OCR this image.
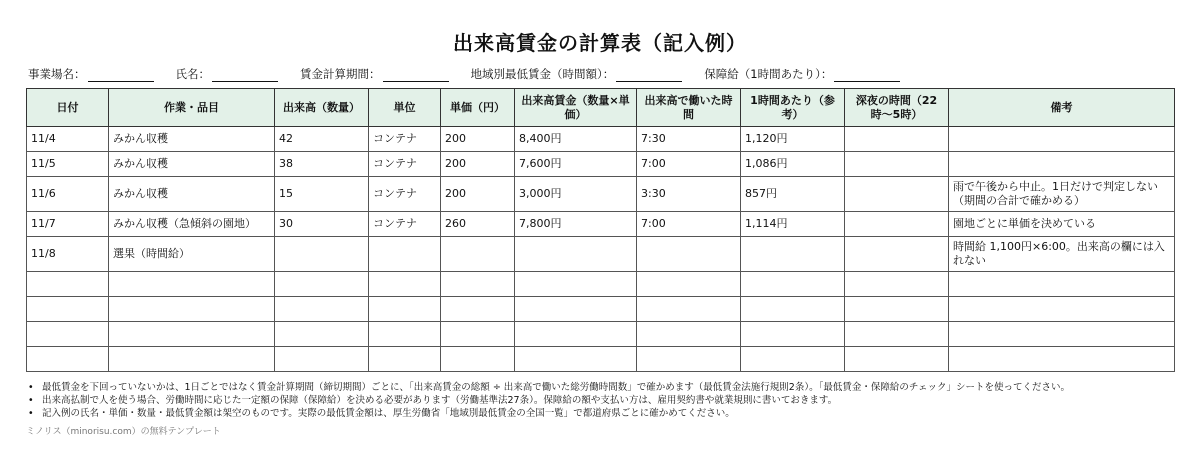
出来高賃金の計算表（記入例）
事業場名：	氏名：	賃金計算期間：	地域別最低賃金（時間額）：	保障給（1時間あたり）：
日付	作業・品目	出来高（数量）	単位	単価（円）	出来高賃金（数量×単価）	出来高で働いた時間	1時間あたり（参考）	深夜の時間（22時〜5時）	備考
11/4	みかん収穫	42	コンテナ	200	8,400円	7:30	1,120円		
11/5	みかん収穫	38	コンテナ	200	7,600円	7:00	1,086円		
11/6	みかん収穫	15	コンテナ	200	3,000円	3:30	857円		雨で午後から中止。1日だけで判定しない（期間の合計で確かめる）
11/7	みかん収穫（急傾斜の園地）	30	コンテナ	260	7,800円	7:00	1,114円		園地ごとに単価を決めている
11/8	選果（時間給）								時間給 1,100円×6:00。出来高の欄には入れない

• 最低賃金を下回っていないかは、1日ごとではなく賃金計算期間（締切期間）ごとに、「出来高賃金の総額 ÷ 出来高で働いた総労働時間数」で確かめます（最低賃金法施行規則2条）。「最低賃金・保障給のチェック」シートを使ってください。
• 出来高払制で人を使う場合、労働時間に応じた一定額の保障（保障給）を決める必要があります（労働基準法27条）。保障給の額や支払い方は、雇用契約書や就業規則に書いておきます。
• 記入例の氏名・単価・数量・最低賃金額は架空のものです。実際の最低賃金額は、厚生労働省「地域別最低賃金の全国一覧」で都道府県ごとに確かめてください。
ミノリス（minorisu.com）の無料テンプレート
